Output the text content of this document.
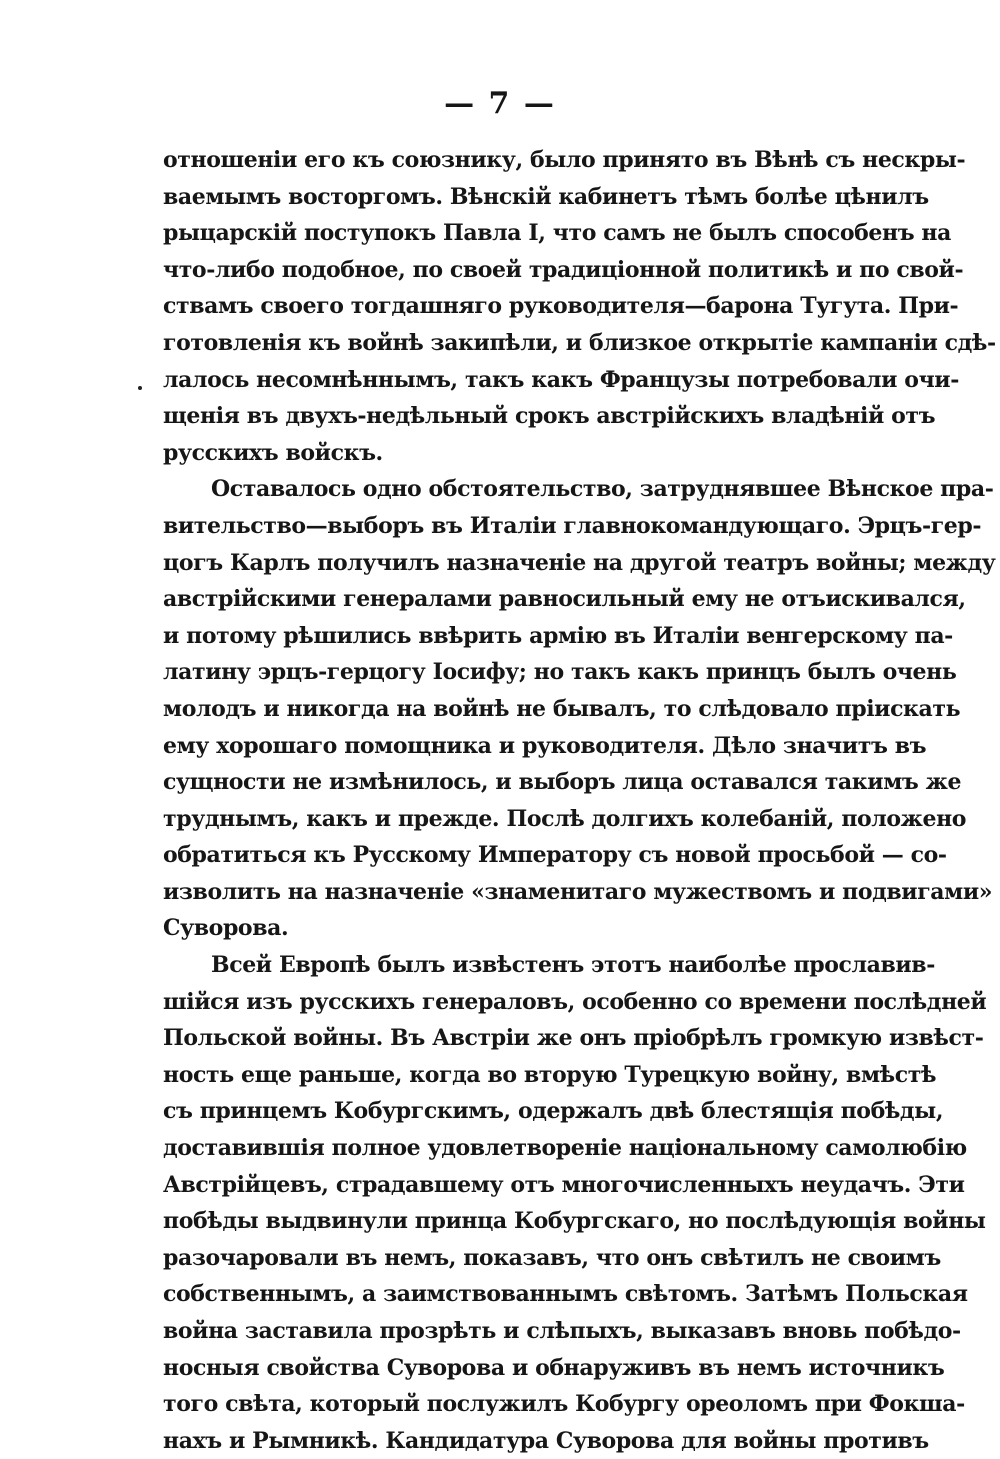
— 7 —
отношеніи его къ союзнику, было принято въ Вѣнѣ съ нескры-
ваемымъ восторгомъ. Вѣнскій кабинетъ тѣмъ болѣе цѣнилъ
рыцарскій поступокъ Павла I, что самъ не былъ способенъ на
что-либо подобное, по своей традиціонной политикѣ и по свой-
ствамъ своего тогдашняго руководителя—барона Тугута. При-
готовленія къ войнѣ закипѣли, и близкое открытіе кампаніи сдѣ-
лалось несомнѣннымъ, такъ какъ Французы потребовали очи-
щенія въ двухъ-недѣльный срокъ австрійскихъ владѣній отъ
русскихъ войскъ.
Оставалось одно обстоятельство, затруднявшее Вѣнское пра-
вительство—выборъ въ Италіи главнокомандующаго. Эрцъ-гер-
цогъ Карлъ получилъ назначеніе на другой театръ войны; между
австрійскими генералами равносильный ему не отъискивался,
и потому рѣшились ввѣрить армію въ Италіи венгерскому па-
латину эрцъ-герцогу Іосифу; но такъ какъ принцъ былъ очень
молодъ и никогда на войнѣ не бывалъ, то слѣдовало пріискать
ему хорошаго помощника и руководителя. Дѣло значитъ въ
сущности не измѣнилось, и выборъ лица оставался такимъ же
труднымъ, какъ и прежде. Послѣ долгихъ колебаній, положено
обратиться къ Русскому Императору съ новой просьбой — со-
изволить на назначеніе «знаменитаго мужествомъ и подвигами»
Суворова.
Всей Европѣ былъ извѣстенъ этотъ наиболѣе прославив-
шійся изъ русскихъ генераловъ, особенно со времени послѣдней
Польской войны. Въ Австріи же онъ пріобрѣлъ громкую извѣст-
ность еще раньше, когда во вторую Турецкую войну, вмѣстѣ
съ принцемъ Кобургскимъ, одержалъ двѣ блестящія побѣды,
доставившія полное удовлетвореніе національному самолюбію
Австрійцевъ, страдавшему отъ многочисленныхъ неудачъ. Эти
побѣды выдвинули принца Кобургскаго, но послѣдующія войны
разочаровали въ немъ, показавъ, что онъ свѣтилъ не своимъ
собственнымъ, а заимствованнымъ свѣтомъ. Затѣмъ Польская
война заставила прозрѣть и слѣпыхъ, выказавъ вновь побѣдо-
носныя свойства Суворова и обнаруживъ въ немъ источникъ
того свѣта, который послужилъ Кобургу ореоломъ при Фокша-
нахъ и Рымникѣ. Кандидатура Суворова для войны противъ
